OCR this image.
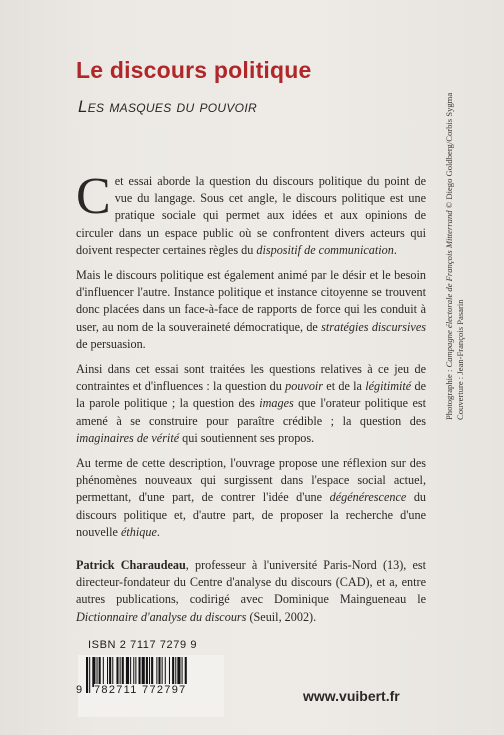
Le discours politique
Les masques du pouvoir

C et essai aborde la question du discours politique du point de vue du langage. Sous cet angle, le discours politique est une pratique sociale qui permet aux idées et aux opinions de circuler dans un espace public où se confrontent divers acteurs qui doivent respecter certaines règles du dispositif de communication.

Mais le discours politique est également animé par le désir et le besoin d'influencer l'autre. Instance politique et instance citoyenne se trouvent donc placées dans un face-à-face de rapports de force qui les conduit à user, au nom de la souveraineté démocratique, de stratégies discursives de persuasion.

Ainsi dans cet essai sont traitées les questions relatives à ce jeu de contraintes et d'influences : la question du pouvoir et de la légitimité de la parole politique ; la question des images que l'orateur politique est amené à se construire pour paraître crédible ; la question des imaginaires de vérité qui soutiennent ses propos.

Au terme de cette description, l'ouvrage propose une réflexion sur des phénomènes nouveaux qui surgissent dans l'espace social actuel, permettant, d'une part, de contrer l'idée d'une dégénérescence du discours politique et, d'autre part, de proposer la recherche d'une nouvelle éthique.

Patrick Charaudeau, professeur à l'université Paris-Nord (13), est directeur-fondateur du Centre d'analyse du discours (CAD), et a, entre autres publications, codirigé avec Dominique Maingueneau le Dictionnaire d'analyse du discours (Seuil, 2002).

Photographie : Campagne électorale de François Mitterrand © Diego Goldberg/Corbis Sygma
Couverture : Jean-François Pasarin
ISBN 2 7117 7279 9
9 782711 772797	www.vuibert.fr
